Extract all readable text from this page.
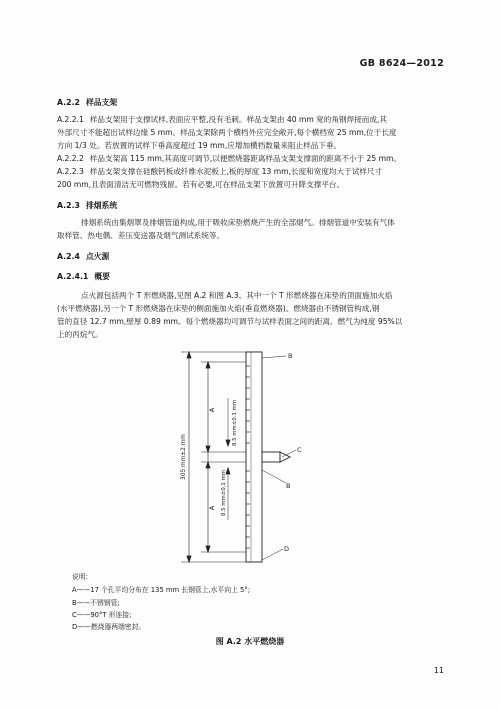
GB 8624—2012
A.2.2 样品支架
A.2.2.1 样品支架用于支撑试样,表面应平整,没有毛刺。样品支架由 40 mm 宽的角钢焊接而成,其
外部尺寸不能超出试样边缘 5 mm。样品支架除两个横档外应完全敞开,每个横档宽 25 mm,位于长度
方向 1/3 处。若放置的试样下垂高度超过 19 mm,应增加横档数量来阻止样品下垂。
A.2.2.2 样品支架高 115 mm,其高度可调节,以便燃烧器距离样品支架支撑面的距离不小于 25 mm。
A.2.2.3 样品支架支撑在硅酸钙板或纤维水泥板上,板的厚度 13 mm,长度和宽度均大于试样尺寸
200 mm,且表面清洁无可燃物残留。若有必要,可在样品支架下放置可升降支撑平台。
A.2.3 排烟系统
排烟系统由集烟罩及排烟管道构成,用于吸收床垫燃烧产生的全部烟气。排烟管道中安装有气体
取样管、热电偶、差压变送器及烟气测试系统等。
A.2.4 点火源
A.2.4.1 概要
点火源包括两个 T 形燃烧器,见图 A.2 和图 A.3。其中一个 T 形燃烧器在床垫的顶面施加火焰
(水平燃烧器),另一个 T 形燃烧器在床垫的侧面施加火焰(垂直燃烧器)。燃烧器由不锈钢管构成,钢
管的直径 12.7 mm,壁厚 0.89 mm。每个燃烧器均可调节与试样表面之间的距离。燃气为纯度 95%以
上的丙烷气。
305 mm±2 mm
8.5 mm±0.1 mm
8.5 mm±0.1 mm
A
A
B
C
B
D
说明:
A——17 个孔平均分布在 135 mm 长钢管上,水平向上 5°;
B——不锈钢管;
C——90°T 形连接;
D——燃烧器两端密封。
图 A.2 水平燃烧器
11
